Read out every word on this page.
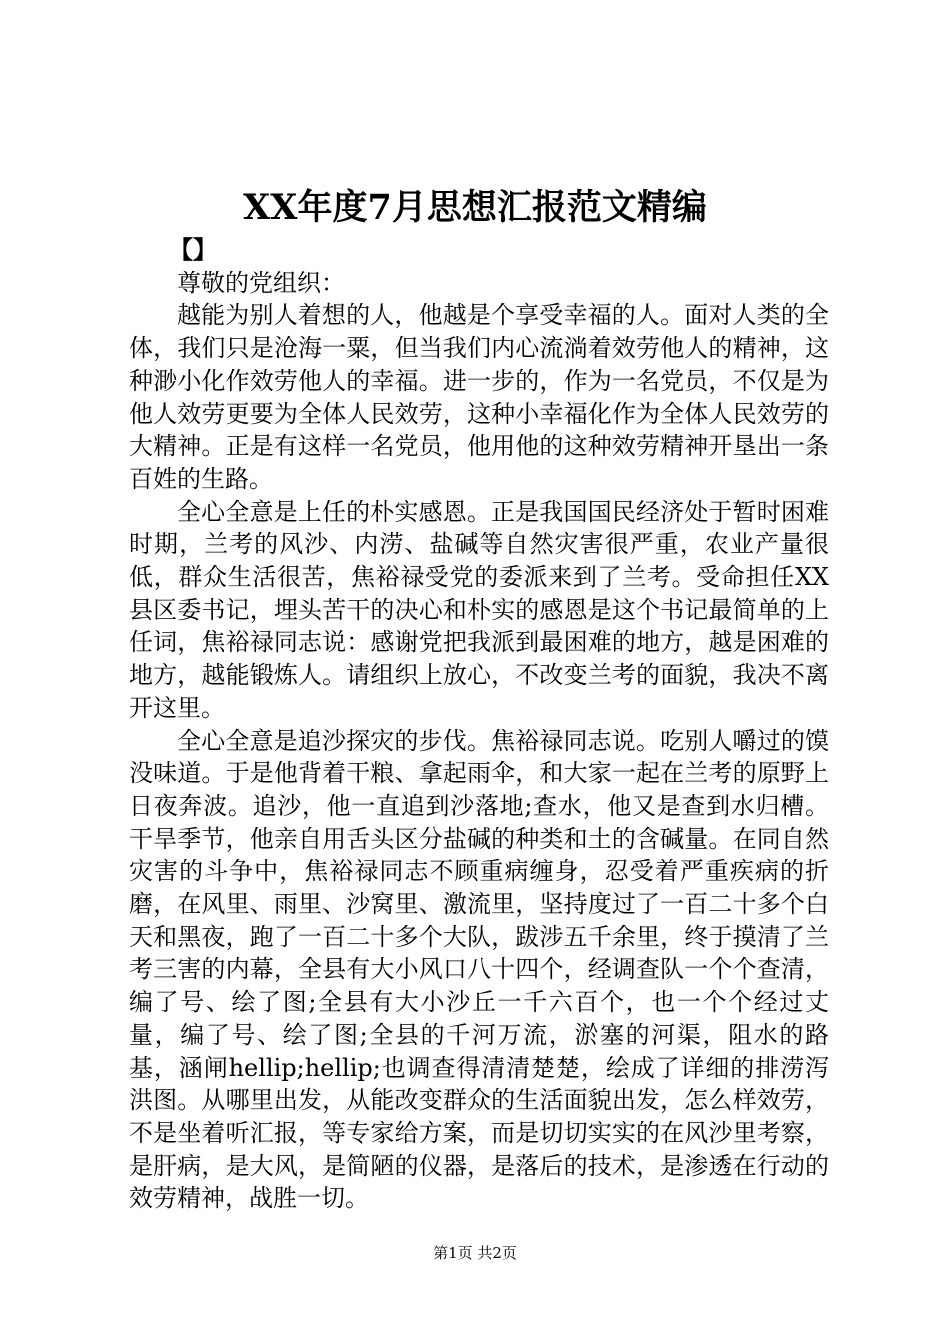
XX年度7月思想汇报范文精编

【】

尊敬的党组织：

越能为别人着想的人，他越是个享受幸福的人。面对人类的全体，我们只是沧海一粟，但当我们内心流淌着效劳他人的精神，这种渺小化作效劳他人的幸福。进一步的，作为一名党员，不仅是为他人效劳更要为全体人民效劳，这种小幸福化作为全体人民效劳的大精神。正是有这样一名党员，他用他的这种效劳精神开垦出一条百姓的生路。

全心全意是上任的朴实感恩。正是我国国民经济处于暂时困难时期，兰考的风沙、内涝、盐碱等自然灾害很严重，农业产量很低，群众生活很苦，焦裕禄受党的委派来到了兰考。受命担任XX县区委书记，埋头苦干的决心和朴实的感恩是这个书记最简单的上任词，焦裕禄同志说：感谢党把我派到最困难的地方，越是困难的地方，越能锻炼人。请组织上放心，不改变兰考的面貌，我决不离开这里。

全心全意是追沙探灾的步伐。焦裕禄同志说。吃别人嚼过的馍没味道。于是他背着干粮、拿起雨伞，和大家一起在兰考的原野上日夜奔波。追沙，他一直追到沙落地;查水，他又是查到水归槽。干旱季节，他亲自用舌头区分盐碱的种类和土的含碱量。在同自然灾害的斗争中，焦裕禄同志不顾重病缠身，忍受着严重疾病的折磨，在风里、雨里、沙窝里、激流里，坚持度过了一百二十多个白天和黑夜，跑了一百二十多个大队，跋涉五千余里，终于摸清了兰考三害的内幕，全县有大小风口八十四个，经调查队一个个查清，编了号、绘了图;全县有大小沙丘一千六百个，也一个个经过丈量，编了号、绘了图;全县的千河万流，淤塞的河渠，阻水的路基，涵闸hellip;hellip;也调查得清清楚楚，绘成了详细的排涝泻洪图。从哪里出发，从能改变群众的生活面貌出发，怎么样效劳，不是坐着听汇报，等专家给方案，而是切切实实的在风沙里考察，是肝病，是大风，是简陋的仪器，是落后的技术，是渗透在行动的效劳精神，战胜一切。

第1页 共2页
